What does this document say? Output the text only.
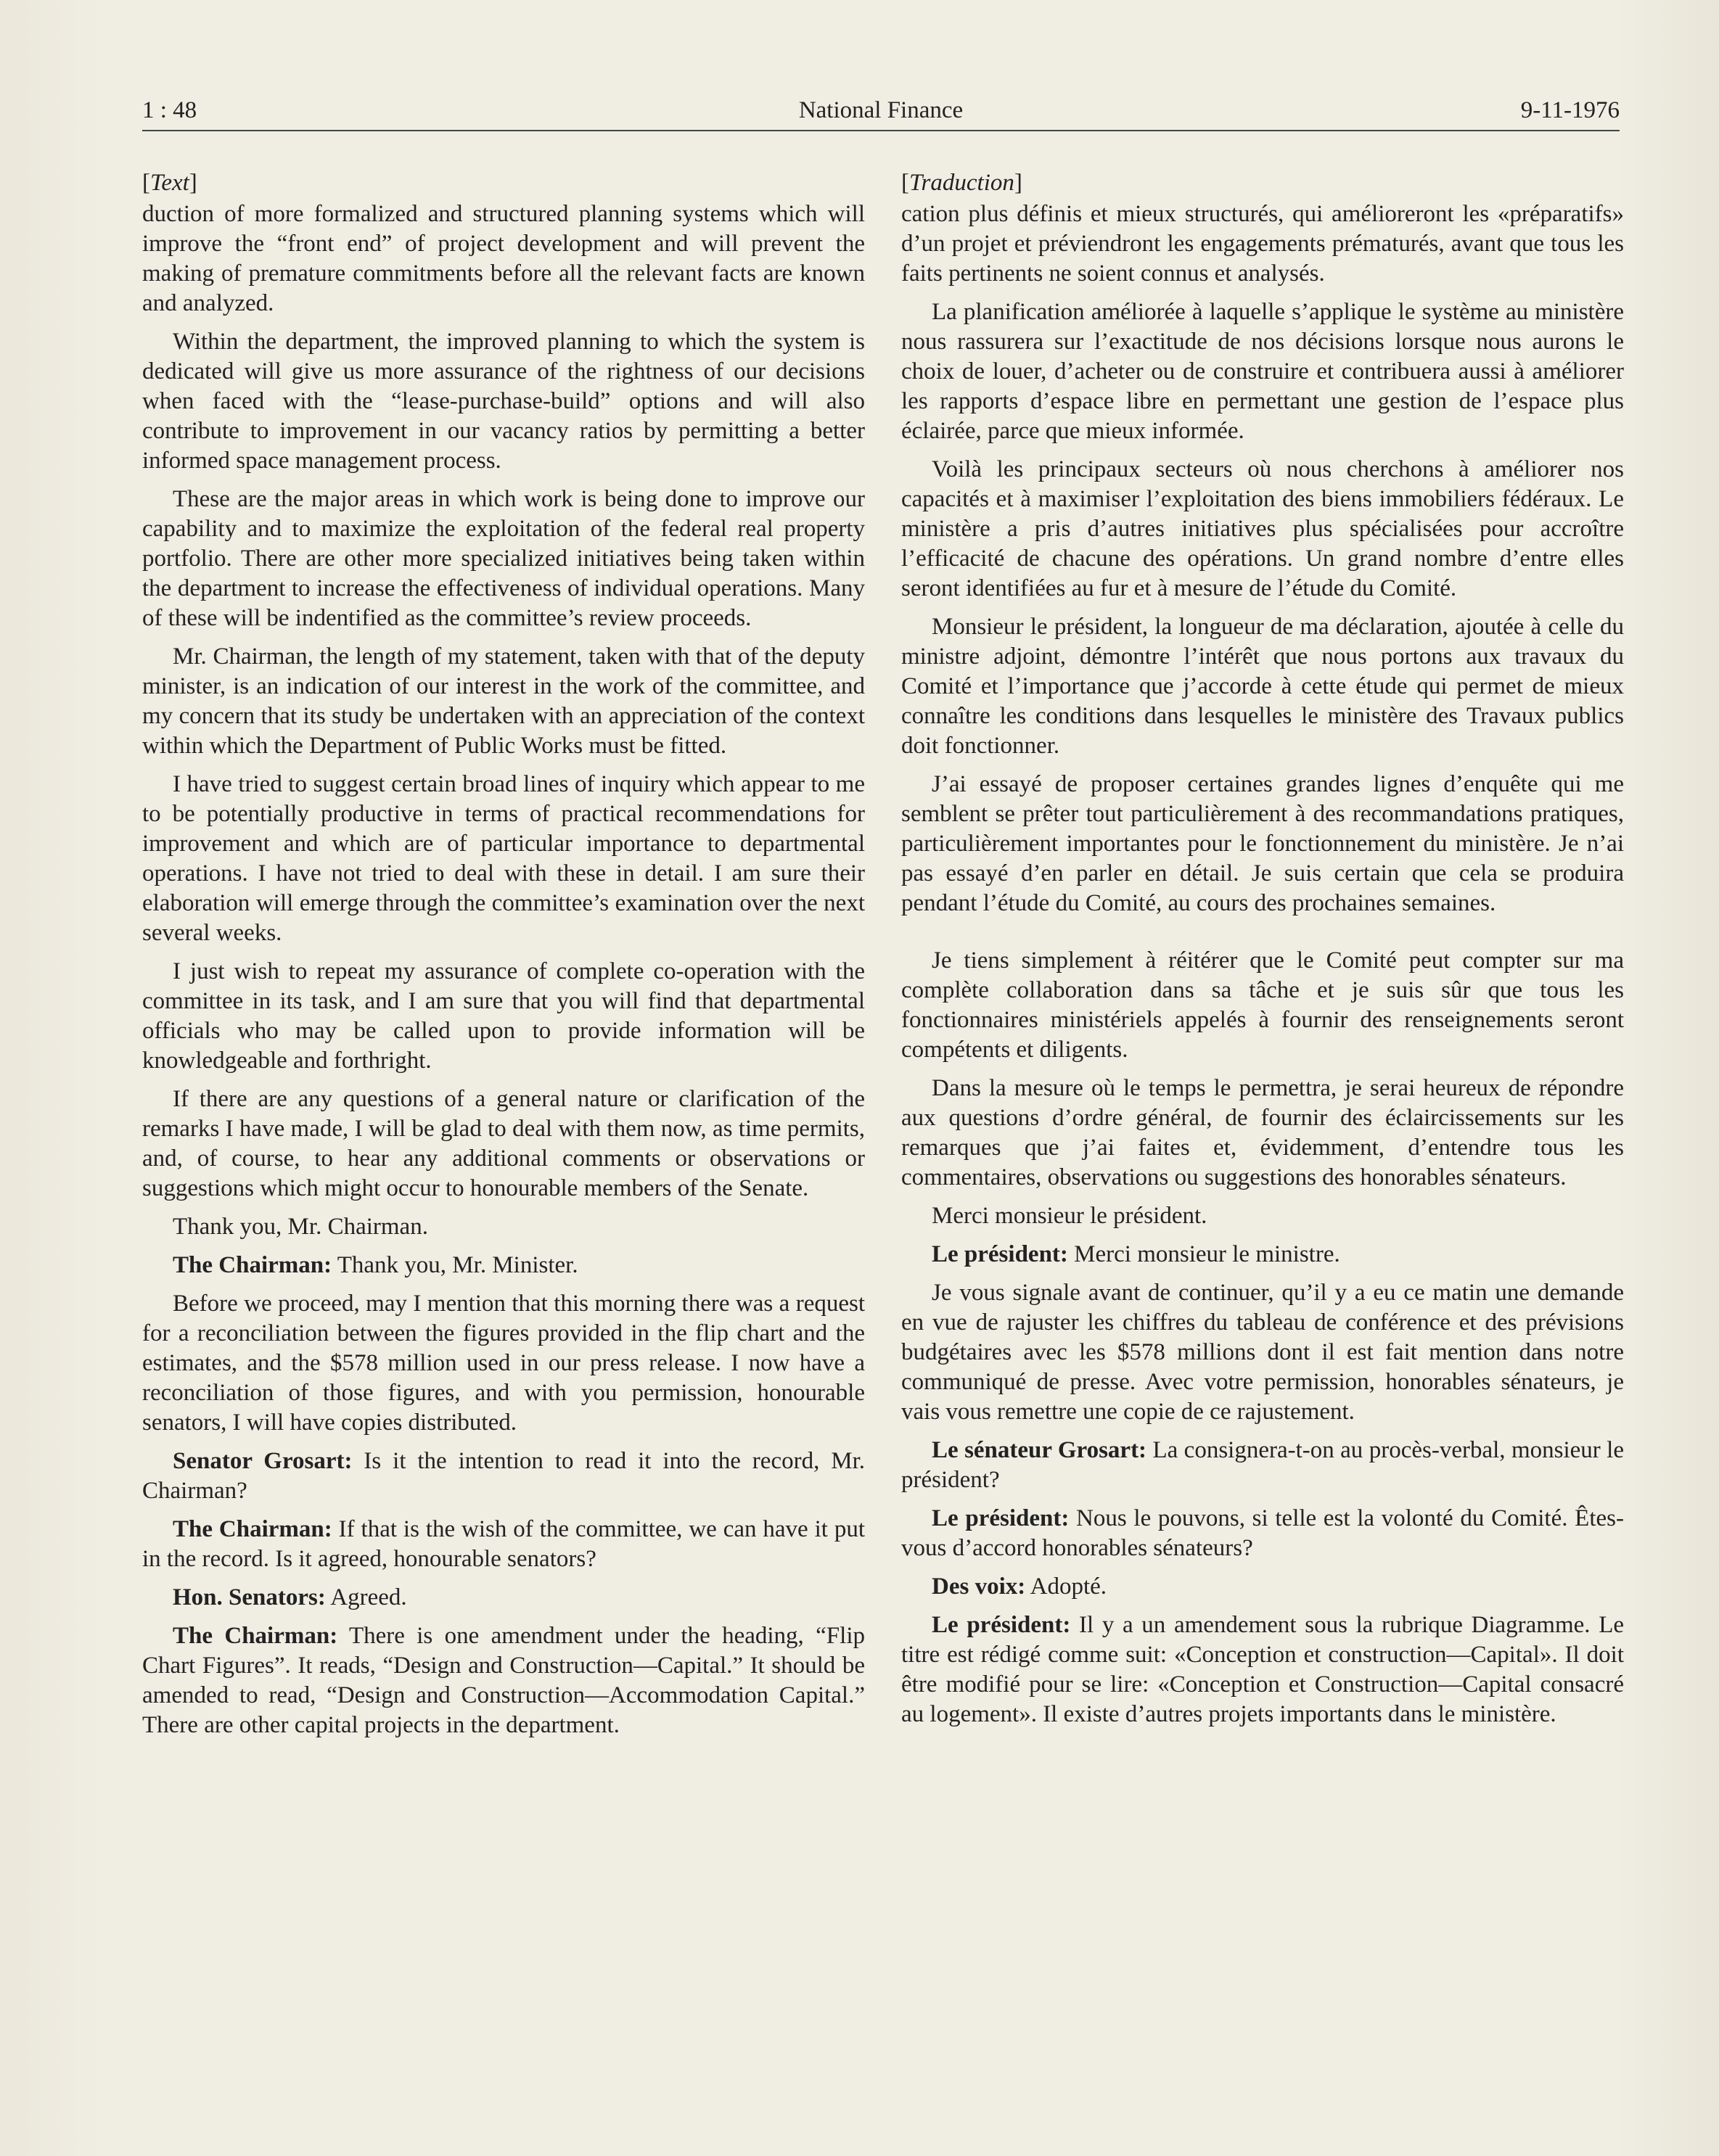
1 : 48	National Finance	9-11-1976

[Text]

duction of more formalized and structured planning systems which will improve the “front end” of project development and will prevent the making of premature commitments before all the relevant facts are known and analyzed.

Within the department, the improved planning to which the system is dedicated will give us more assurance of the rightness of our decisions when faced with the “lease-purchase-build” options and will also contribute to improvement in our vacancy ratios by permitting a better informed space management process.

These are the major areas in which work is being done to improve our capability and to maximize the exploitation of the federal real property portfolio. There are other more specialized initiatives being taken within the department to increase the effectiveness of individual operations. Many of these will be indentified as the committee’s review proceeds.

Mr. Chairman, the length of my statement, taken with that of the deputy minister, is an indication of our interest in the work of the committee, and my concern that its study be undertaken with an appreciation of the context within which the Department of Public Works must be fitted.

I have tried to suggest certain broad lines of inquiry which appear to me to be potentially productive in terms of practical recommendations for improvement and which are of particular importance to departmental operations. I have not tried to deal with these in detail. I am sure their elaboration will emerge through the committee’s examination over the next several weeks.

I just wish to repeat my assurance of complete co-operation with the committee in its task, and I am sure that you will find that departmental officials who may be called upon to provide information will be knowledgeable and forthright.

If there are any questions of a general nature or clarification of the remarks I have made, I will be glad to deal with them now, as time permits, and, of course, to hear any additional comments or observations or suggestions which might occur to honourable members of the Senate.

Thank you, Mr. Chairman.

The Chairman: Thank you, Mr. Minister.

Before we proceed, may I mention that this morning there was a request for a reconciliation between the figures provided in the flip chart and the estimates, and the $578 million used in our press release. I now have a reconciliation of those figures, and with you permission, honourable senators, I will have copies distributed.

Senator Grosart: Is it the intention to read it into the record, Mr. Chairman?

The Chairman: If that is the wish of the committee, we can have it put in the record. Is it agreed, honourable senators?

Hon. Senators: Agreed.

The Chairman: There is one amendment under the heading, “Flip Chart Figures”. It reads, “Design and Construction—Capital.” It should be amended to read, “Design and Construction—Accommodation Capital.” There are other capital projects in the department.

[Traduction]

cation plus définis et mieux structurés, qui amélioreront les «préparatifs» d’un projet et préviendront les engagements prématurés, avant que tous les faits pertinents ne soient connus et analysés.

La planification améliorée à laquelle s’applique le système au ministère nous rassurera sur l’exactitude de nos décisions lorsque nous aurons le choix de louer, d’acheter ou de construire et contribuera aussi à améliorer les rapports d’espace libre en permettant une gestion de l’espace plus éclairée, parce que mieux informée.

Voilà les principaux secteurs où nous cherchons à améliorer nos capacités et à maximiser l’exploitation des biens immobiliers fédéraux. Le ministère a pris d’autres initiatives plus spécialisées pour accroître l’efficacité de chacune des opérations. Un grand nombre d’entre elles seront identifiées au fur et à mesure de l’étude du Comité.

Monsieur le président, la longueur de ma déclaration, ajoutée à celle du ministre adjoint, démontre l’intérêt que nous portons aux travaux du Comité et l’importance que j’accorde à cette étude qui permet de mieux connaître les conditions dans lesquelles le ministère des Travaux publics doit fonctionner.

J’ai essayé de proposer certaines grandes lignes d’enquête qui me semblent se prêter tout particulièrement à des recommandations pratiques, particulièrement importantes pour le fonctionnement du ministère. Je n’ai pas essayé d’en parler en détail. Je suis certain que cela se produira pendant l’étude du Comité, au cours des prochaines semaines.

Je tiens simplement à réitérer que le Comité peut compter sur ma complète collaboration dans sa tâche et je suis sûr que tous les fonctionnaires ministériels appelés à fournir des renseignements seront compétents et diligents.

Dans la mesure où le temps le permettra, je serai heureux de répondre aux questions d’ordre général, de fournir des éclaircissements sur les remarques que j’ai faites et, évidemment, d’entendre tous les commentaires, observations ou suggestions des honorables sénateurs.

Merci monsieur le président.

Le président: Merci monsieur le ministre.

Je vous signale avant de continuer, qu’il y a eu ce matin une demande en vue de rajuster les chiffres du tableau de conférence et des prévisions budgétaires avec les $578 millions dont il est fait mention dans notre communiqué de presse. Avec votre permission, honorables sénateurs, je vais vous remettre une copie de ce rajustement.

Le sénateur Grosart: La consignera-t-on au procès-verbal, monsieur le président?

Le président: Nous le pouvons, si telle est la volonté du Comité. Êtes-vous d’accord honorables sénateurs?

Des voix: Adopté.

Le président: Il y a un amendement sous la rubrique Diagramme. Le titre est rédigé comme suit: «Conception et construction—Capital». Il doit être modifié pour se lire: «Conception et Construction—Capital consacré au logement». Il existe d’autres projets importants dans le ministère.
